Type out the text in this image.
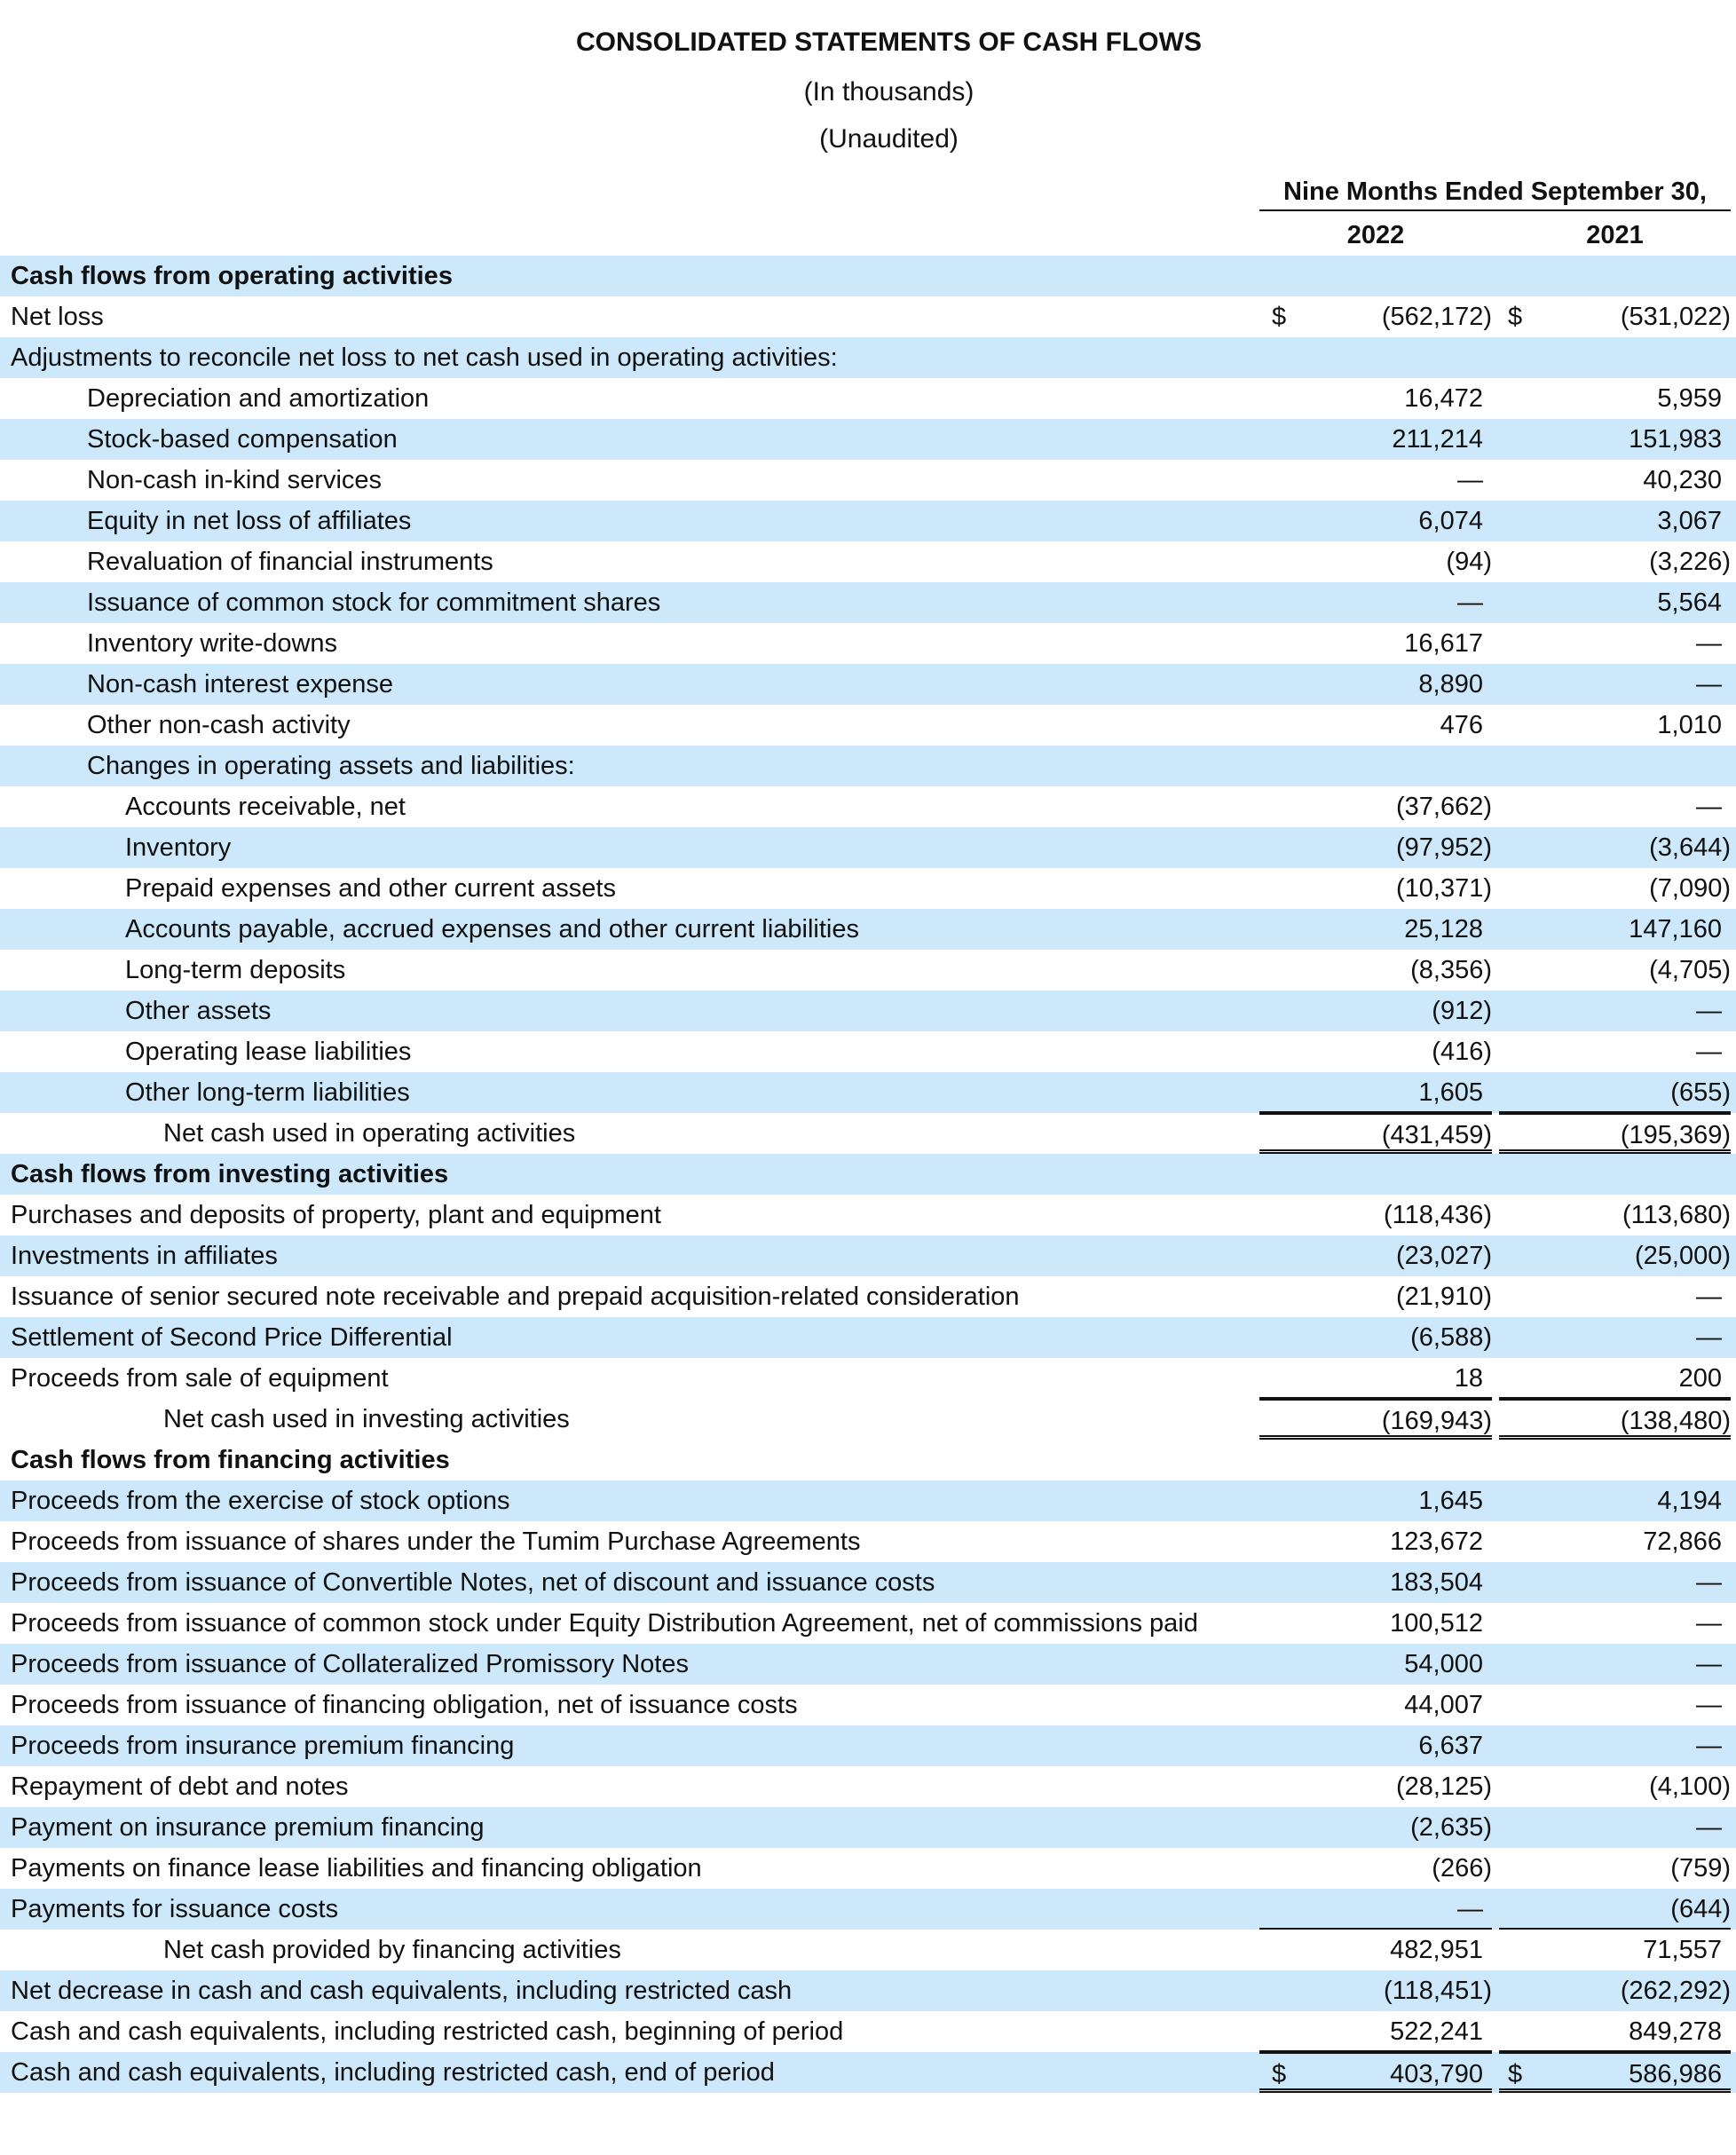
CONSOLIDATED STATEMENTS OF CASH FLOWS
(In thousands)
(Unaudited)
Nine Months Ended September 30,
2022	2021
Cash flows from operating activities
Net loss	$	(562,172) $	(531,022)
Adjustments to reconcile net loss to net cash used in operating activities:
Depreciation and amortization	16,472	5,959
Stock-based compensation	211,214	151,983
Non-cash in-kind services	—	40,230
Equity in net loss of affiliates	6,074	3,067
Revaluation of financial instruments	(94)	(3,226)
Issuance of common stock for commitment shares	—	5,564
Inventory write-downs	16,617	—
Non-cash interest expense	8,890	—
Other non-cash activity	476	1,010
Changes in operating assets and liabilities:
Accounts receivable, net	(37,662)	—
Inventory	(97,952)	(3,644)
Prepaid expenses and other current assets	(10,371)	(7,090)
Accounts payable, accrued expenses and other current liabilities	25,128	147,160
Long-term deposits	(8,356)	(4,705)
Other assets	(912)	—
Operating lease liabilities	(416)	—
Other long-term liabilities	1,605	(655)
Net cash used in operating activities	(431,459)	(195,369)
Cash flows from investing activities
Purchases and deposits of property, plant and equipment	(118,436)	(113,680)
Investments in affiliates	(23,027)	(25,000)
Issuance of senior secured note receivable and prepaid acquisition-related consideration	(21,910)	—
Settlement of Second Price Differential	(6,588)	—
Proceeds from sale of equipment	18	200
Net cash used in investing activities	(169,943)	(138,480)
Cash flows from financing activities
Proceeds from the exercise of stock options	1,645	4,194
Proceeds from issuance of shares under the Tumim Purchase Agreements	123,672	72,866
Proceeds from issuance of Convertible Notes, net of discount and issuance costs	183,504	—
Proceeds from issuance of common stock under Equity Distribution Agreement, net of commissions paid	100,512	—
Proceeds from issuance of Collateralized Promissory Notes	54,000	—
Proceeds from issuance of financing obligation, net of issuance costs	44,007	—
Proceeds from insurance premium financing	6,637	—
Repayment of debt and notes	(28,125)	(4,100)
Payment on insurance premium financing	(2,635)	—
Payments on finance lease liabilities and financing obligation	(266)	(759)
Payments for issuance costs	—	(644)
Net cash provided by financing activities	482,951	71,557
Net decrease in cash and cash equivalents, including restricted cash	(118,451)	(262,292)
Cash and cash equivalents, including restricted cash, beginning of period	522,241	849,278
Cash and cash equivalents, including restricted cash, end of period	$	403,790 $	586,986
